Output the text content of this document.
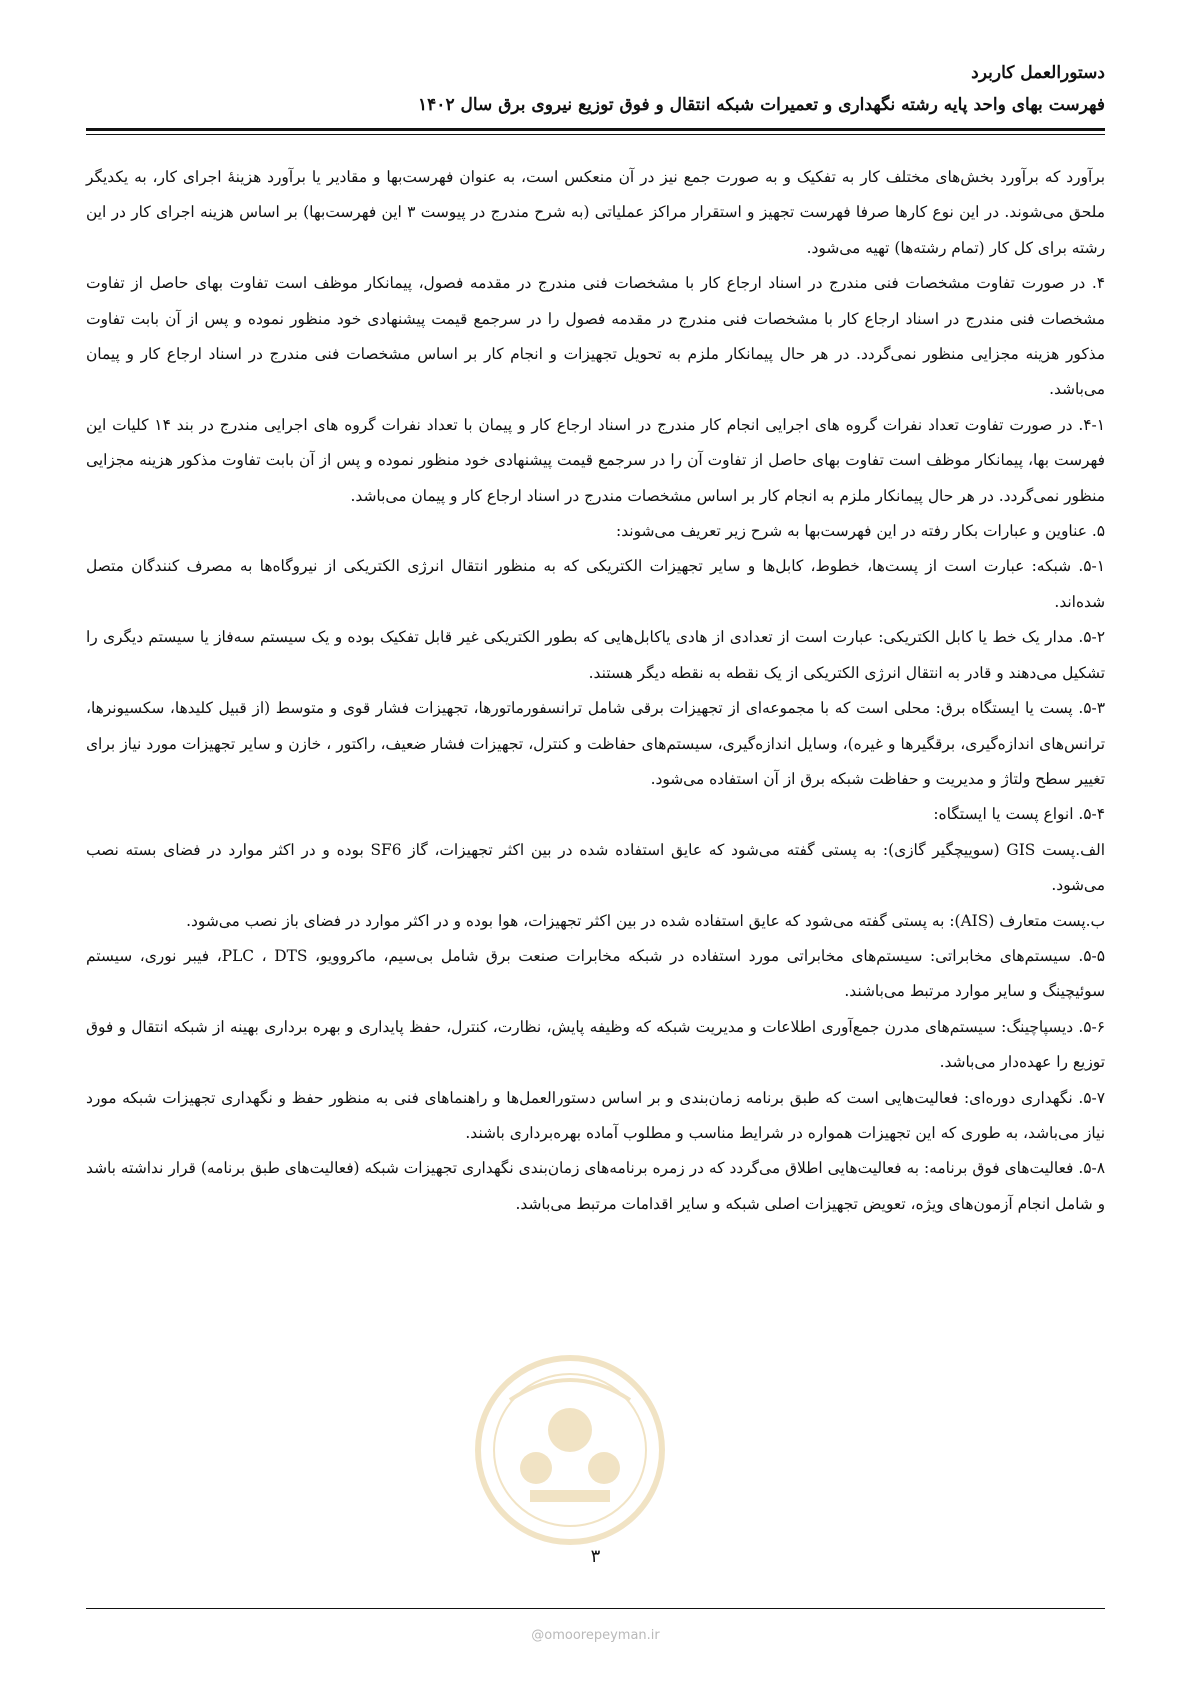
دستورالعمل کاربرد
فهرست بهای واحد پایه رشته نگهداری و تعمیرات شبکه انتقال و فوق توزیع نیروی برق سال ۱۴۰۲

برآورد که برآورد بخش‌های مختلف کار به تفکیک و به صورت جمع نیز در آن منعکس است، به عنوان فهرست‌بها و مقادیر یا برآورد هزینهٔ اجرای کار، به یکدیگر ملحق می‌شوند. در این نوع کارها صرفا فهرست تجهیز و استقرار مراکز عملیاتی (به شرح مندرج در پیوست ۳ این فهرست‌بها) بر اساس هزینه اجرای کار در این رشته برای کل کار (تمام رشته‌ها) تهیه می‌شود.

۴. در صورت تفاوت مشخصات فنی مندرج در اسناد ارجاع کار با مشخصات فنی مندرج در مقدمه فصول، پیمانکار موظف است تفاوت بهای حاصل از تفاوت مشخصات فنی مندرج در اسناد ارجاع کار با مشخصات فنی مندرج در مقدمه فصول را در سرجمع قیمت پیشنهادی خود منظور نموده و پس از آن بابت تفاوت مذکور هزینه مجزایی منظور نمی‌گردد. در هر حال پیمانکار ملزم به تحویل تجهیزات و انجام کار بر اساس مشخصات فنی مندرج در اسناد ارجاع کار و پیمان می‌باشد.

۴-۱. در صورت تفاوت تعداد نفرات گروه های اجرایی انجام کار مندرج در اسناد ارجاع کار و پیمان با تعداد نفرات گروه های اجرایی مندرج در بند ۱۴ کلیات این فهرست بها، پیمانکار موظف است تفاوت بهای حاصل از تفاوت آن را در سرجمع قیمت پیشنهادی خود منظور نموده و پس از آن بابت تفاوت مذکور هزینه مجزایی منظور نمی‌گردد. در هر حال پیمانکار ملزم به انجام کار بر اساس مشخصات مندرج در اسناد ارجاع کار و پیمان می‌باشد.

۵. عناوین و عبارات بکار رفته در این فهرست‌بها به شرح زیر تعریف می‌شوند:

۵-۱. شبکه: عبارت است از پست‌ها، خطوط، کابل‌ها و سایر تجهیزات الکتریکی که به منظور انتقال انرژی الکتریکی از نیروگاه‌ها به مصرف کنندگان متصل شده‌اند.

۵-۲. مدار یک خط یا کابل الکتریکی: عبارت است از تعدادی از هادی یاکابل‌هایی که بطور الکتریکی غیر قابل تفکیک بوده و یک سیستم سه‌فاز یا سیستم دیگری را تشکیل می‌دهند و قادر به انتقال انرژی الکتریکی از یک نقطه به نقطه دیگر هستند.

۵-۳. پست یا ایستگاه برق: محلی است که با مجموعه‌ای از تجهیزات برقی شامل ترانسفورماتورها، تجهیزات فشار قوی و متوسط (از قبیل کلیدها، سکسیونرها، ترانس‌های اندازه‌گیری، برقگیرها و غیره)، وسایل اندازه‌گیری، سیستم‌های حفاظت و کنترل، تجهیزات فشار ضعیف، راکتور ، خازن و سایر تجهیزات مورد نیاز برای تغییر سطح ولتاژ و مدیریت و حفاظت شبکه برق از آن استفاده می‌شود.

۵-۴. انواع پست یا ایستگاه:

الف.پست GIS (سوییچگیر گازی): به پستی گفته می‌شود که عایق استفاده شده در بین اکثر تجهیزات، گاز SF6 بوده و در اکثر موارد در فضای بسته نصب می‌شود.

ب.پست متعارف (AIS): به پستی گفته می‌شود که عایق استفاده شده در بین اکثر تجهیزات، هوا بوده و در اکثر موارد در فضای باز نصب می‌شود.

۵-۵. سیستم‌های مخابراتی: سیستم‌های مخابراتی مورد استفاده در شبکه مخابرات صنعت برق شامل بی‌سیم، ماکروویو، PLC ، DTS، فیبر نوری، سیستم سوئیچینگ و سایر موارد مرتبط می‌باشند.

۵-۶. دیسپاچینگ: سیستم‌های مدرن جمع‌آوری اطلاعات و مدیریت شبکه که وظیفه پایش، نظارت، کنترل، حفظ پایداری و بهره برداری بهینه از شبکه انتقال و فوق توزیع را عهده‌دار می‌باشد.

۵-۷. نگهداری دوره‌ای: فعالیت‌هایی است که طبق برنامه زمان‌بندی و بر اساس دستورالعمل‌ها و راهنماهای فنی به منظور حفظ و نگهداری تجهیزات شبکه مورد نیاز می‌باشد، به طوری که این تجهیزات همواره در شرایط مناسب و مطلوب آماده بهره‌برداری باشند.

۵-۸. فعالیت‌های فوق برنامه: به فعالیت‌هایی اطلاق می‌گردد که در زمره برنامه‌های زمان‌بندی نگهداری تجهیزات شبکه (فعالیت‌های طبق برنامه) قرار نداشته باشد و شامل انجام آزمون‌های ویژه، تعویض تجهیزات اصلی شبکه و سایر اقدامات مرتبط می‌باشد.

۳
@omoorepeyman.ir
